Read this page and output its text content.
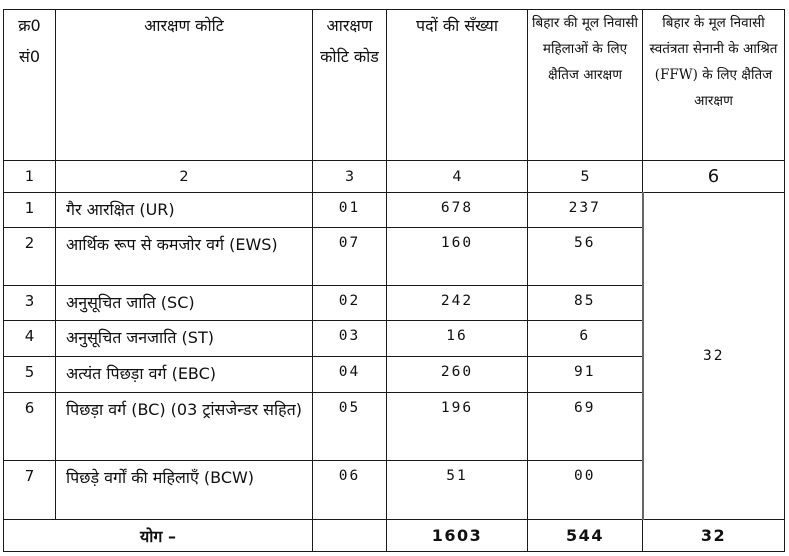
क्र0 सं0	आरक्षण कोटि	आरक्षण कोटि कोड	पदों की सँख्या	बिहार की मूल निवासी महिलाओं के लिए क्षैतिज आरक्षण	बिहार के मूल निवासी स्वतंत्रता सेनानी के आश्रित (FFW) के लिए क्षैतिज आरक्षण
1	2	3	4	5	6
1	गैर आरक्षित (UR)	01	678	237	32
2	आर्थिक रूप से कमजोर वर्ग (EWS)	07	160	56	
3	अनुसूचित जाति (SC)	02	242	85	
4	अनुसूचित जनजाति (ST)	03	16	6	
5	अत्यंत पिछड़ा वर्ग (EBC)	04	260	91	
6	पिछड़ा वर्ग (BC) (03 ट्रांसजेन्डर सहित)	05	196	69	
7	पिछड़े वर्गों की महिलाएँ (BCW)	06	51	00	
योग –			1603	544	32
